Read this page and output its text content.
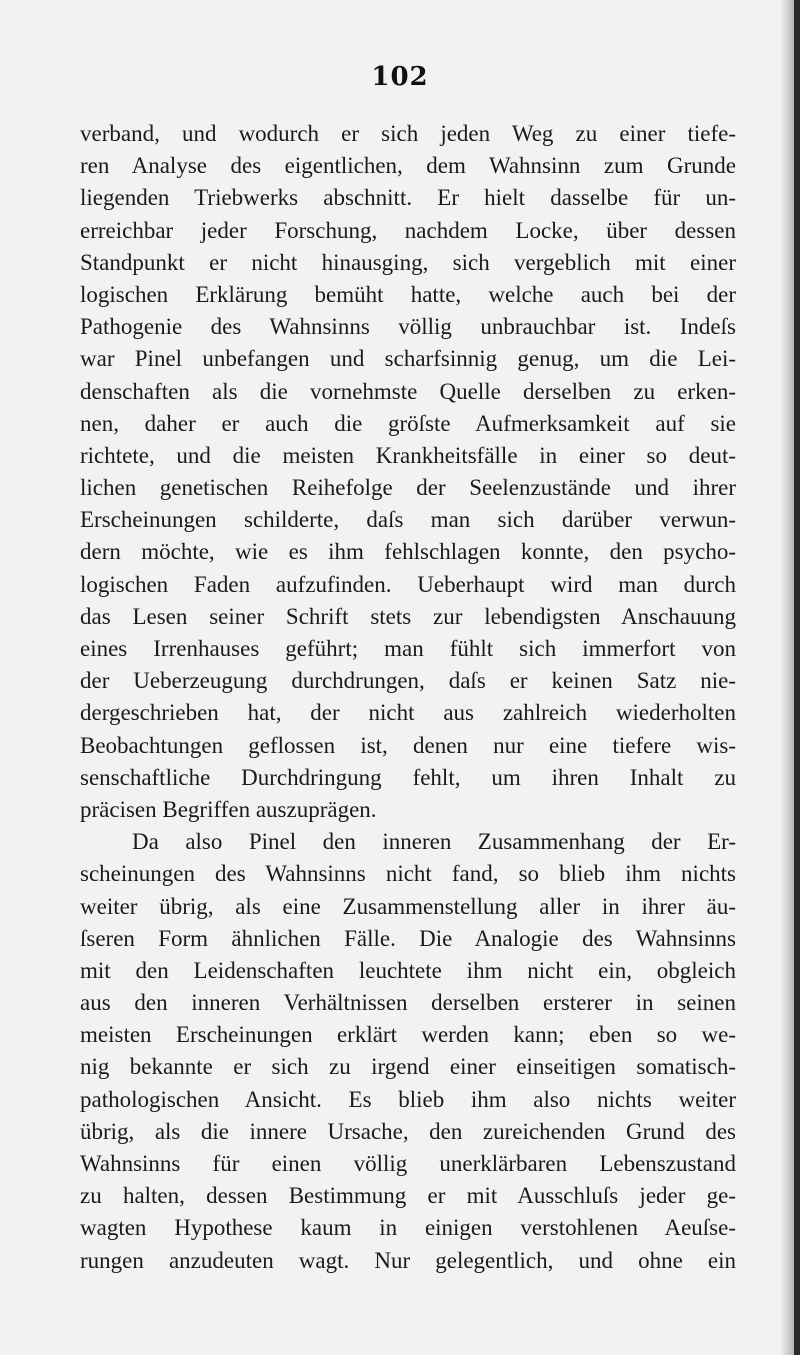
102
verband, und wodurch er sich jeden Weg zu einer tiefe-
ren Analyse des eigentlichen, dem Wahnsinn zum Grunde
liegenden Triebwerks abschnitt. Er hielt dasselbe für un-
erreichbar jeder Forschung, nachdem Locke, über dessen
Standpunkt er nicht hinausging, sich vergeblich mit einer
logischen Erklärung bemüht hatte, welche auch bei der
Pathogenie des Wahnsinns völlig unbrauchbar ist. Indeſs
war Pinel unbefangen und scharfsinnig genug, um die Lei-
denschaften als die vornehmste Quelle derselben zu erken-
nen, daher er auch die gröſste Aufmerksamkeit auf sie
richtete, und die meisten Krankheitsfälle in einer so deut-
lichen genetischen Reihefolge der Seelenzustände und ihrer
Erscheinungen schilderte, daſs man sich darüber verwun-
dern möchte, wie es ihm fehlschlagen konnte, den psycho-
logischen Faden aufzufinden. Ueberhaupt wird man durch
das Lesen seiner Schrift stets zur lebendigsten Anschauung
eines Irrenhauses geführt; man fühlt sich immerfort von
der Ueberzeugung durchdrungen, daſs er keinen Satz nie-
dergeschrieben hat, der nicht aus zahlreich wiederholten
Beobachtungen geflossen ist, denen nur eine tiefere wis-
senschaftliche Durchdringung fehlt, um ihren Inhalt zu
präcisen Begriffen auszuprägen.
Da also Pinel den inneren Zusammenhang der Er-
scheinungen des Wahnsinns nicht fand, so blieb ihm nichts
weiter übrig, als eine Zusammenstellung aller in ihrer äu-
ſseren Form ähnlichen Fälle. Die Analogie des Wahnsinns
mit den Leidenschaften leuchtete ihm nicht ein, obgleich
aus den inneren Verhältnissen derselben ersterer in seinen
meisten Erscheinungen erklärt werden kann; eben so we-
nig bekannte er sich zu irgend einer einseitigen somatisch-
pathologischen Ansicht. Es blieb ihm also nichts weiter
übrig, als die innere Ursache, den zureichenden Grund des
Wahnsinns für einen völlig unerklärbaren Lebenszustand
zu halten, dessen Bestimmung er mit Ausschluſs jeder ge-
wagten Hypothese kaum in einigen verstohlenen Aeuſse-
rungen anzudeuten wagt. Nur gelegentlich, und ohne ein
